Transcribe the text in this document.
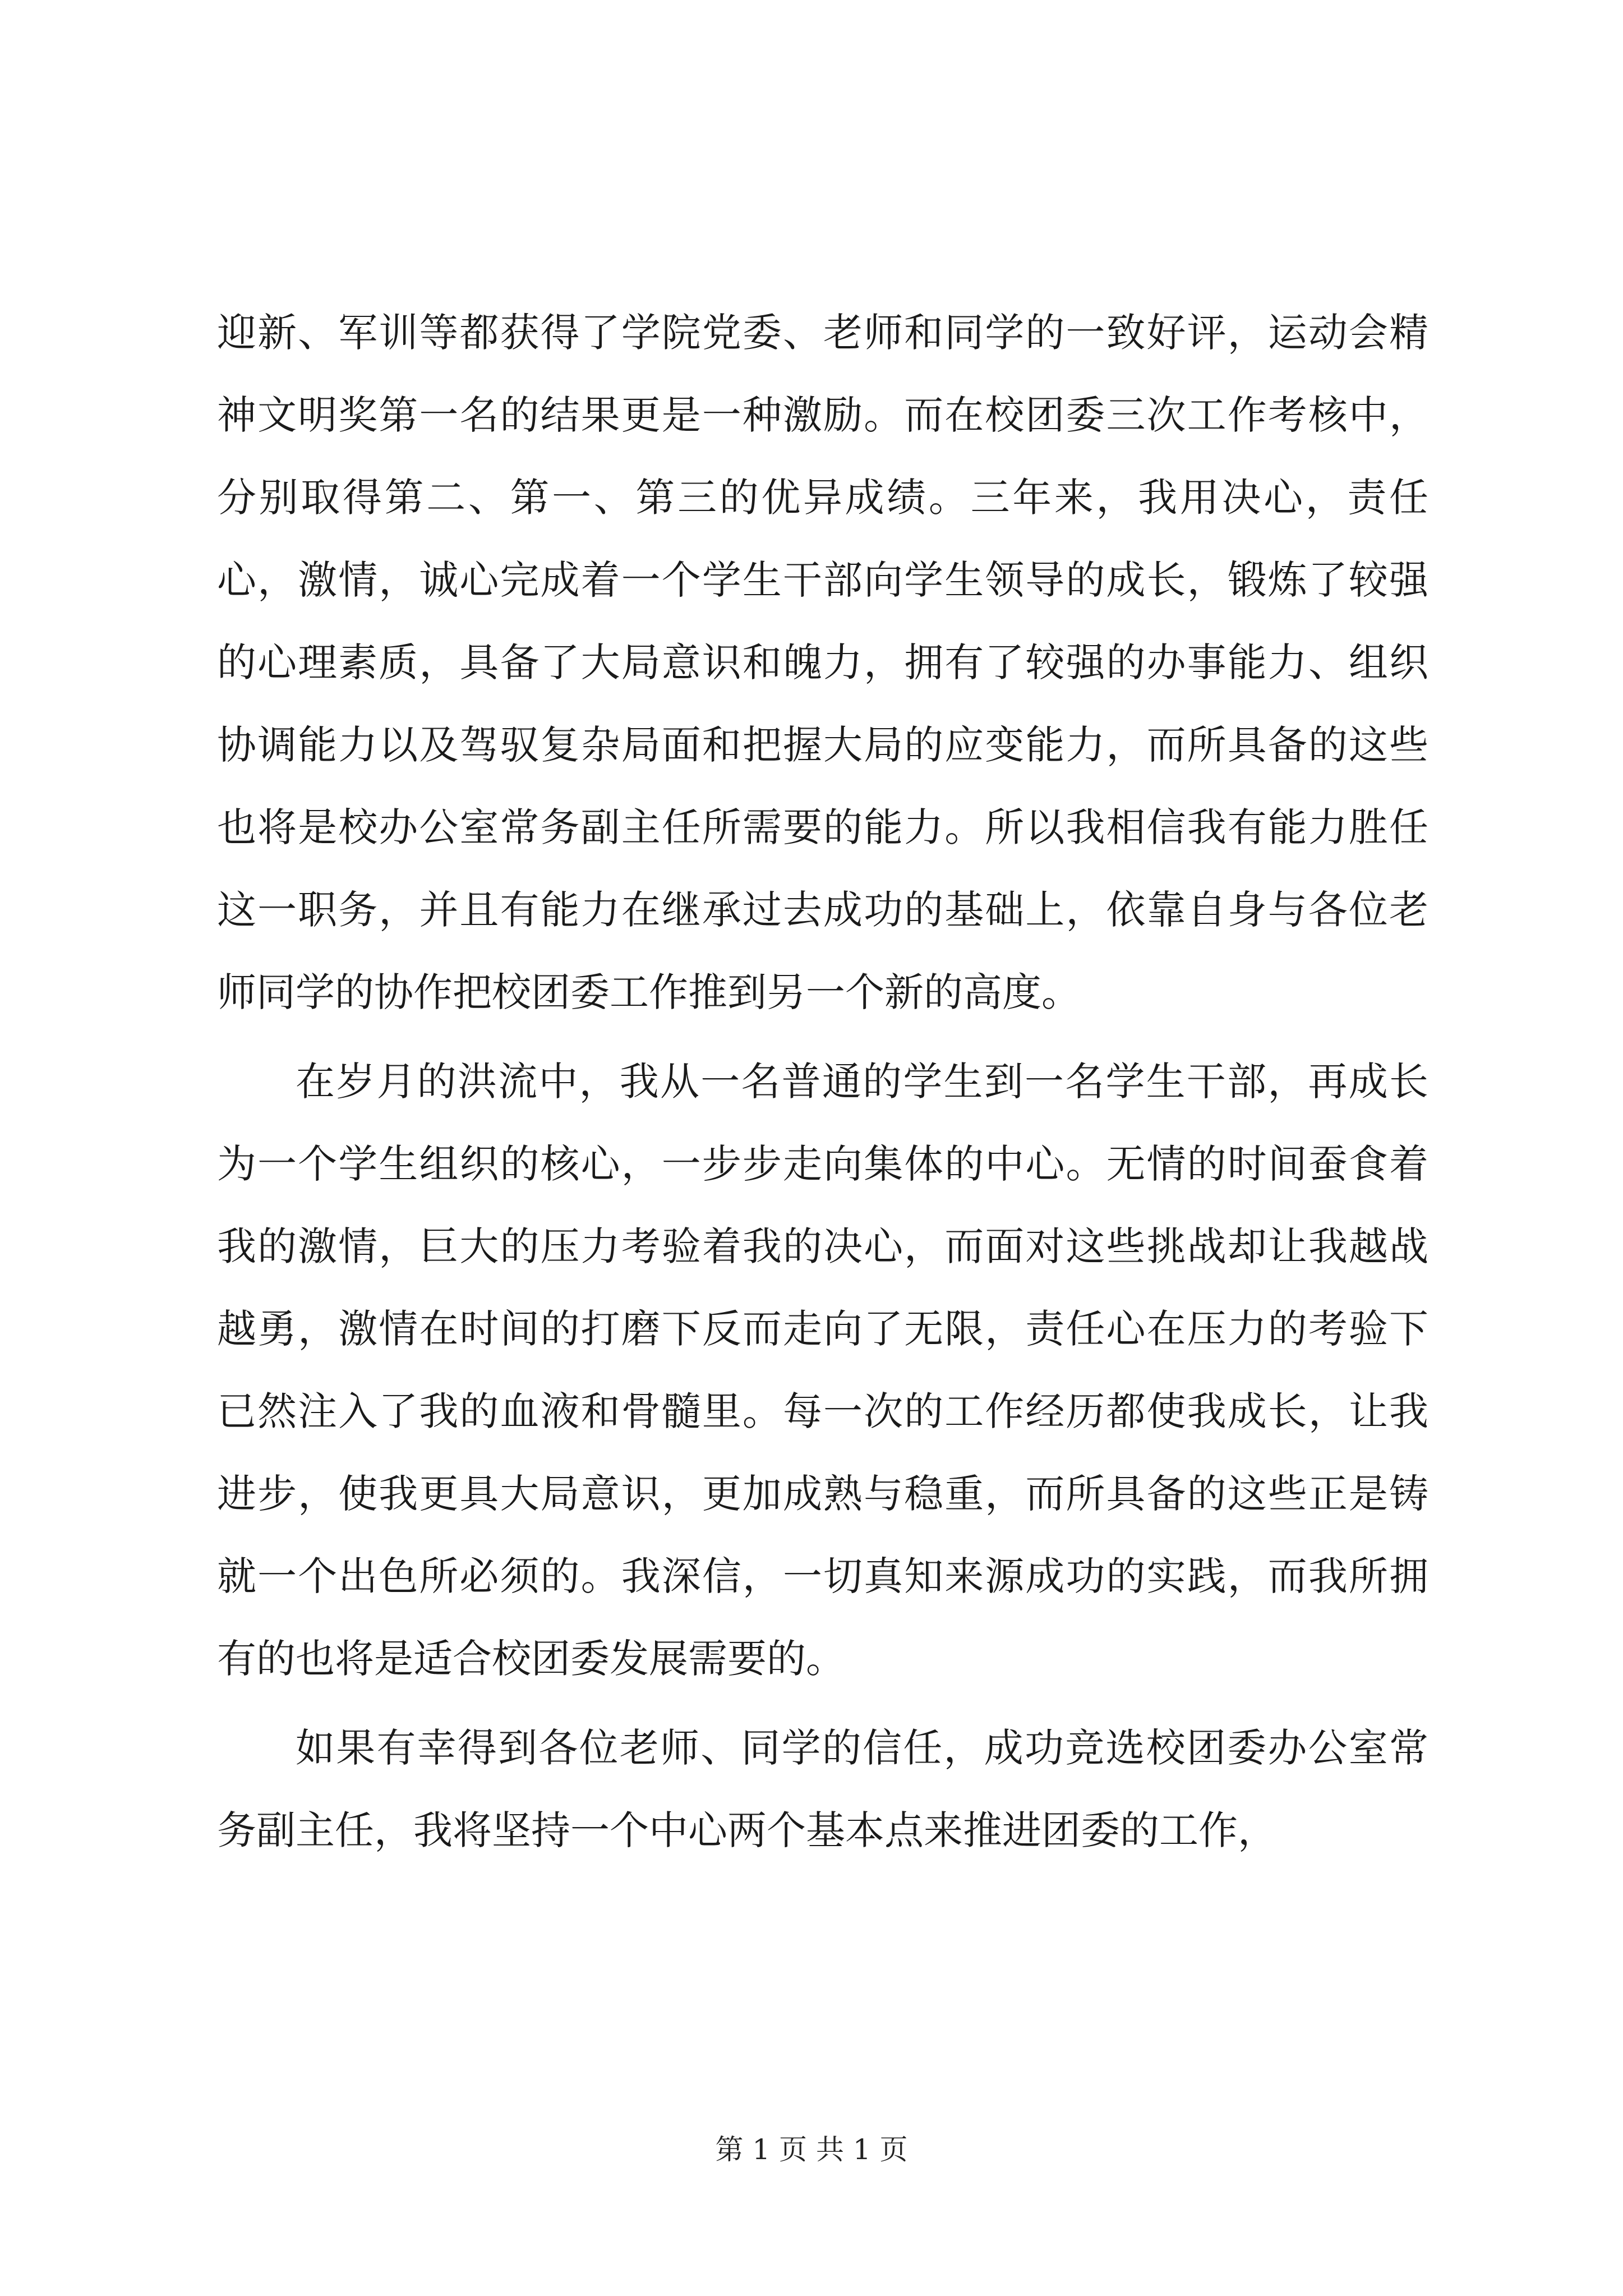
迎新、军训等都获得了学院党委、老师和同学的一致好评，运动会精神文明奖第一名的结果更是一种激励。而在校团委三次工作考核中，分别取得第二、第一、第三的优异成绩。三年来，我用决心，责任心，激情，诚心完成着一个学生干部向学生领导的成长，锻炼了较强的心理素质，具备了大局意识和魄力，拥有了较强的办事能力、组织协调能力以及驾驭复杂局面和把握大局的应变能力，而所具备的这些也将是校办公室常务副主任所需要的能力。所以我相信我有能力胜任这一职务，并且有能力在继承过去成功的基础上，依靠自身与各位老师同学的协作把校团委工作推到另一个新的高度。

在岁月的洪流中，我从一名普通的学生到一名学生干部，再成长为一个学生组织的核心，一步步走向集体的中心。无情的时间蚕食着我的激情，巨大的压力考验着我的决心，而面对这些挑战却让我越战越勇，激情在时间的打磨下反而走向了无限，责任心在压力的考验下已然注入了我的血液和骨髓里。每一次的工作经历都使我成长，让我进步，使我更具大局意识，更加成熟与稳重，而所具备的这些正是铸就一个出色所必须的。我深信，一切真知来源成功的实践，而我所拥有的也将是适合校团委发展需要的。

如果有幸得到各位老师、同学的信任，成功竞选校团委办公室常务副主任，我将坚持一个中心两个基本点来推进团委的工作，

第 1 页 共 1 页
